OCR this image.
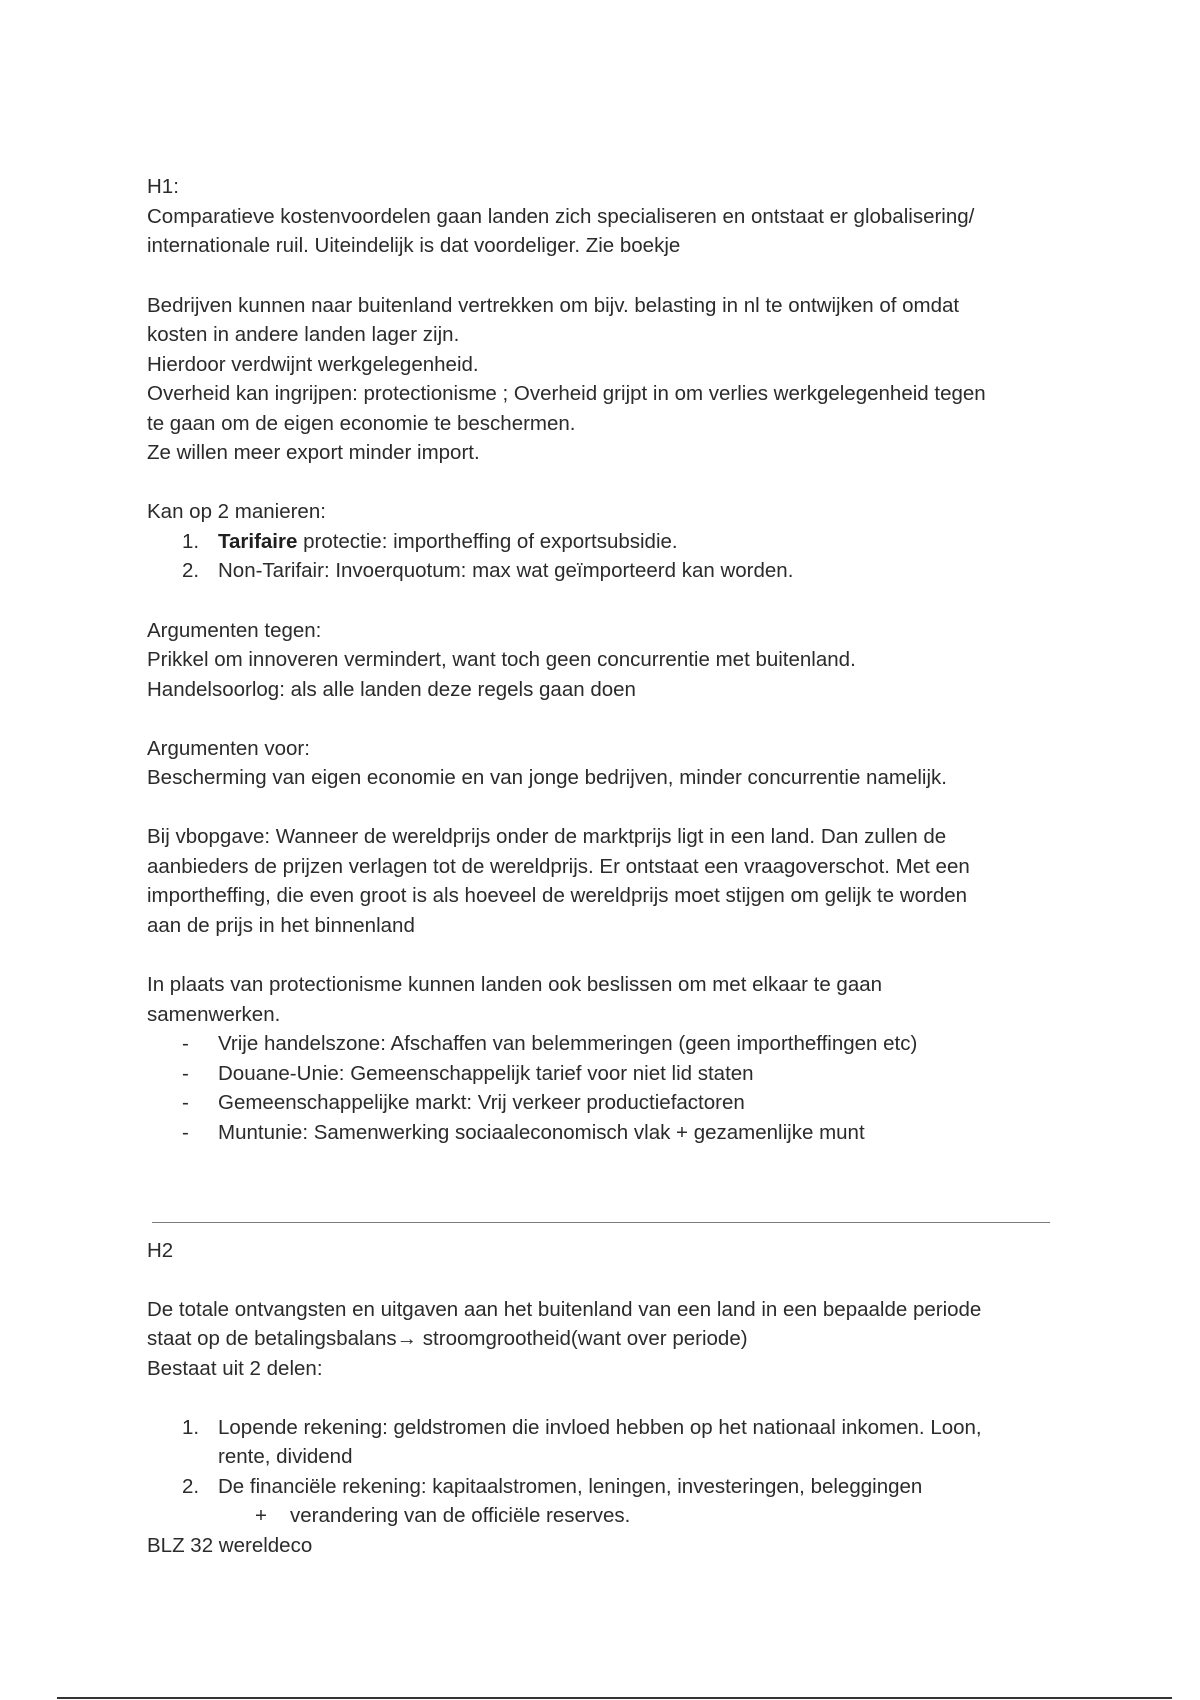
H1:
Comparatieve kostenvoordelen gaan landen zich specialiseren en ontstaat er globalisering/
internationale ruil. Uiteindelijk is dat voordeliger. Zie boekje
Bedrijven kunnen naar buitenland vertrekken om bijv. belasting in nl te ontwijken of omdat
kosten in andere landen lager zijn.
Hierdoor verdwijnt werkgelegenheid.
Overheid kan ingrijpen: protectionisme ; Overheid grijpt in om verlies werkgelegenheid tegen
te gaan om de eigen economie te beschermen.
Ze willen meer export minder import.
Kan op 2 manieren:
1. Tarifaire protectie: importheffing of exportsubsidie.
2. Non-Tarifair: Invoerquotum: max wat geïmporteerd kan worden.
Argumenten tegen:
Prikkel om innoveren vermindert, want toch geen concurrentie met buitenland.
Handelsoorlog: als alle landen deze regels gaan doen
Argumenten voor:
Bescherming van eigen economie en van jonge bedrijven, minder concurrentie namelijk.
Bij vbopgave: Wanneer de wereldprijs onder de marktprijs ligt in een land. Dan zullen de
aanbieders de prijzen verlagen tot de wereldprijs. Er ontstaat een vraagoverschot. Met een
importheffing, die even groot is als hoeveel de wereldprijs moet stijgen om gelijk te worden
aan de prijs in het binnenland
In plaats van protectionisme kunnen landen ook beslissen om met elkaar te gaan
samenwerken.
- Vrije handelszone: Afschaffen van belemmeringen (geen importheffingen etc)
- Douane-Unie: Gemeenschappelijk tarief voor niet lid staten
- Gemeenschappelijke markt: Vrij verkeer productiefactoren
- Muntunie: Samenwerking sociaaleconomisch vlak + gezamenlijke munt
H2
De totale ontvangsten en uitgaven aan het buitenland van een land in een bepaalde periode
staat op de betalingsbalans→ stroomgrootheid(want over periode)
Bestaat uit 2 delen:
1. Lopende rekening: geldstromen die invloed hebben op het nationaal inkomen. Loon,
rente, dividend
2. De financiële rekening: kapitaalstromen, leningen, investeringen, beleggingen
+ verandering van de officiële reserves.
BLZ 32 wereldeco
